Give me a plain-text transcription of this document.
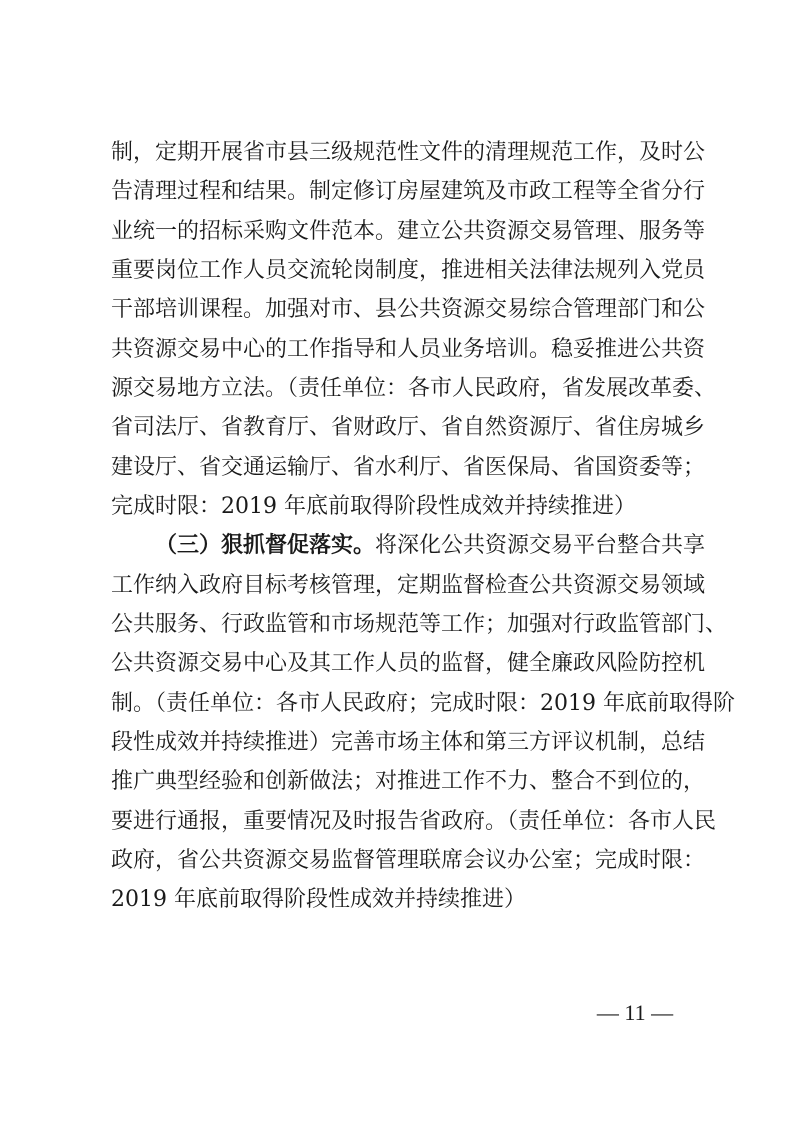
制，定期开展省市县三级规范性文件的清理规范工作，及时公
告清理过程和结果。制定修订房屋建筑及市政工程等全省分行
业统一的招标采购文件范本。建立公共资源交易管理、服务等
重要岗位工作人员交流轮岗制度，推进相关法律法规列入党员
干部培训课程。加强对市、县公共资源交易综合管理部门和公
共资源交易中心的工作指导和人员业务培训。稳妥推进公共资
源交易地方立法。（责任单位：各市人民政府，省发展改革委、
省司法厅、省教育厅、省财政厅、省自然资源厅、省住房城乡
建设厅、省交通运输厅、省水利厅、省医保局、省国资委等；
完成时限：2019 年底前取得阶段性成效并持续推进）
（三）狠抓督促落实。将深化公共资源交易平台整合共享
工作纳入政府目标考核管理，定期监督检查公共资源交易领域
公共服务、行政监管和市场规范等工作；加强对行政监管部门、
公共资源交易中心及其工作人员的监督，健全廉政风险防控机
制。（责任单位：各市人民政府；完成时限：2019 年底前取得阶
段性成效并持续推进）完善市场主体和第三方评议机制，总结
推广典型经验和创新做法；对推进工作不力、整合不到位的，
要进行通报，重要情况及时报告省政府。（责任单位：各市人民
政府，省公共资源交易监督管理联席会议办公室；完成时限：
2019 年底前取得阶段性成效并持续推进）
— 11 —
